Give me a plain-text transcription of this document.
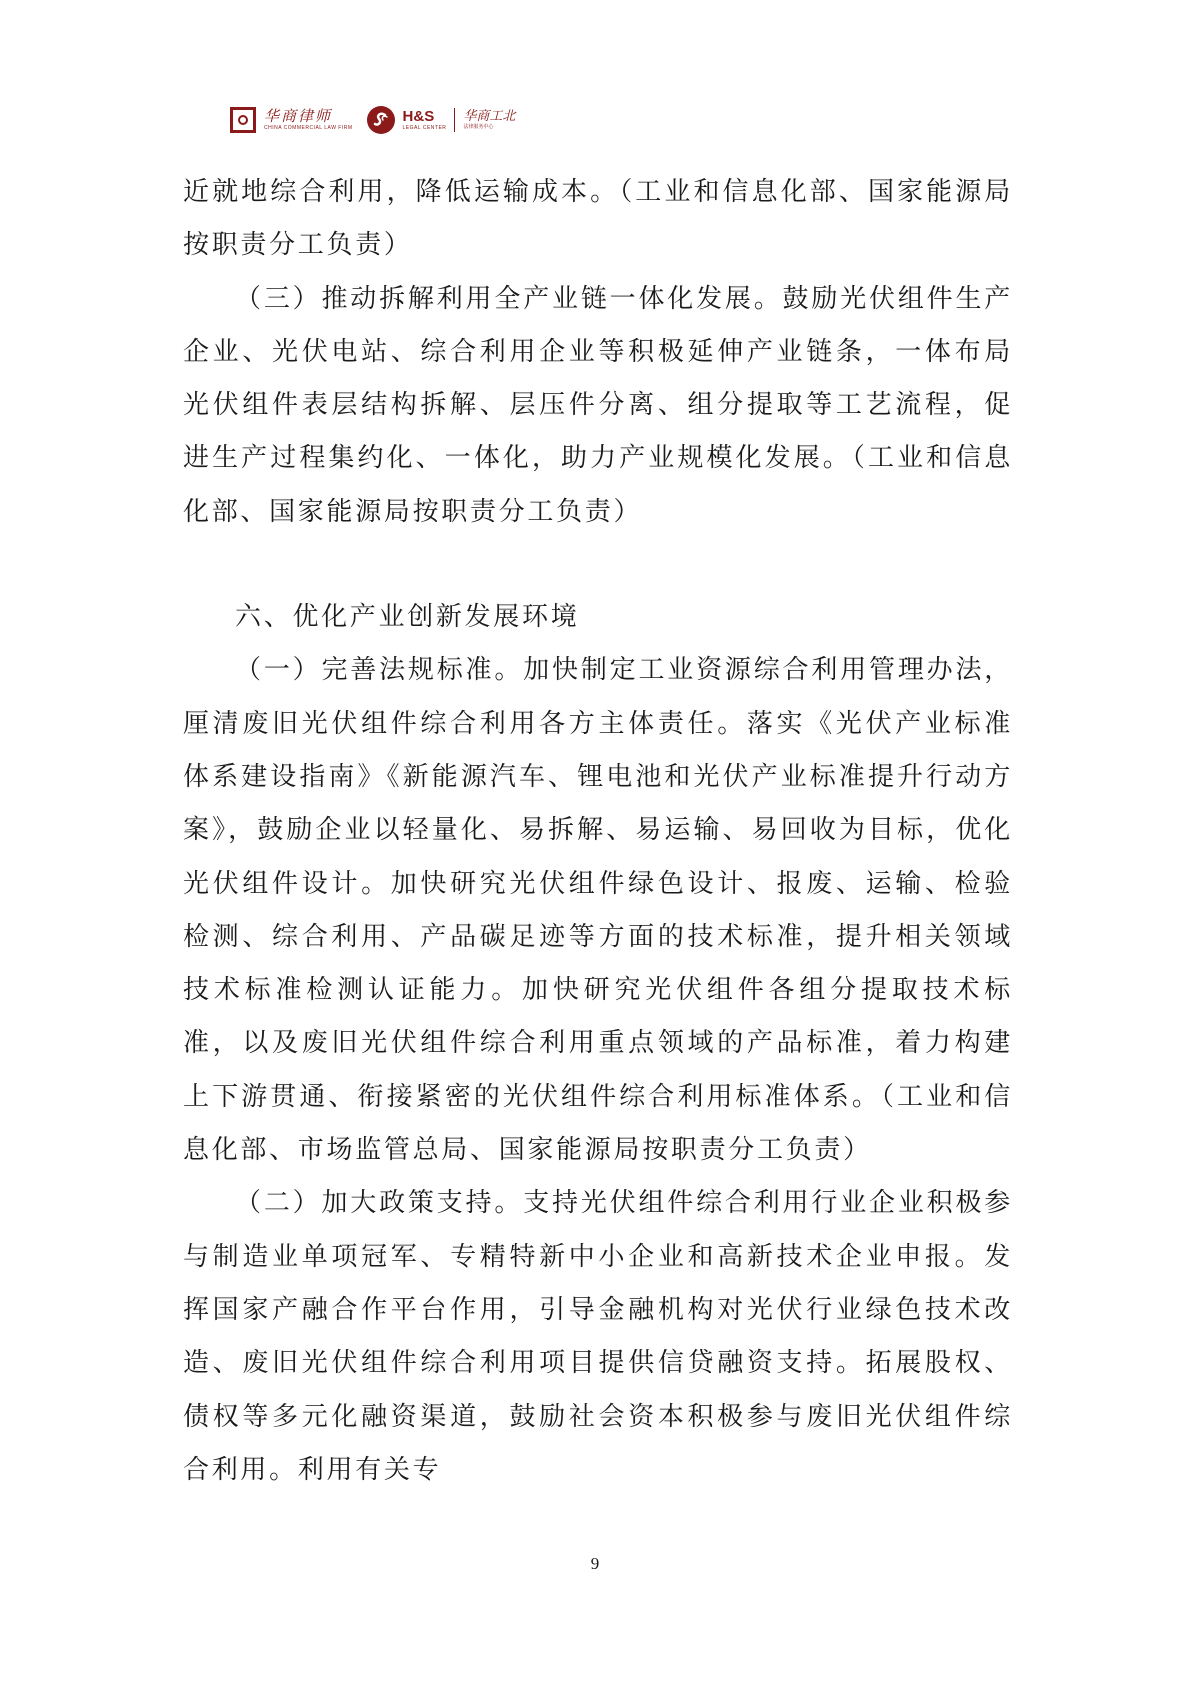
华商律师
CHINA COMMERCIAL LAW FIRM
H&S
LEGAL CENTER
华商工北
法律服务中心

近就地综合利用，降低运输成本。（工业和信息化部、国家能源局按职责分工负责）

（三）推动拆解利用全产业链一体化发展。鼓励光伏组件生产企业、光伏电站、综合利用企业等积极延伸产业链条，一体布局光伏组件表层结构拆解、层压件分离、组分提取等工艺流程，促进生产过程集约化、一体化，助力产业规模化发展。（工业和信息化部、国家能源局按职责分工负责）

六、优化产业创新发展环境

（一）完善法规标准。加快制定工业资源综合利用管理办法，厘清废旧光伏组件综合利用各方主体责任。落实《光伏产业标准体系建设指南》《新能源汽车、锂电池和光伏产业标准提升行动方案》，鼓励企业以轻量化、易拆解、易运输、易回收为目标，优化光伏组件设计。加快研究光伏组件绿色设计、报废、运输、检验检测、综合利用、产品碳足迹等方面的技术标准，提升相关领域技术标准检测认证能力。加快研究光伏组件各组分提取技术标准，以及废旧光伏组件综合利用重点领域的产品标准，着力构建上下游贯通、衔接紧密的光伏组件综合利用标准体系。（工业和信息化部、市场监管总局、国家能源局按职责分工负责）

（二）加大政策支持。支持光伏组件综合利用行业企业积极参与制造业单项冠军、专精特新中小企业和高新技术企业申报。发挥国家产融合作平台作用，引导金融机构对光伏行业绿色技术改造、废旧光伏组件综合利用项目提供信贷融资支持。拓展股权、债权等多元化融资渠道，鼓励社会资本积极参与废旧光伏组件综合利用。利用有关专

9
